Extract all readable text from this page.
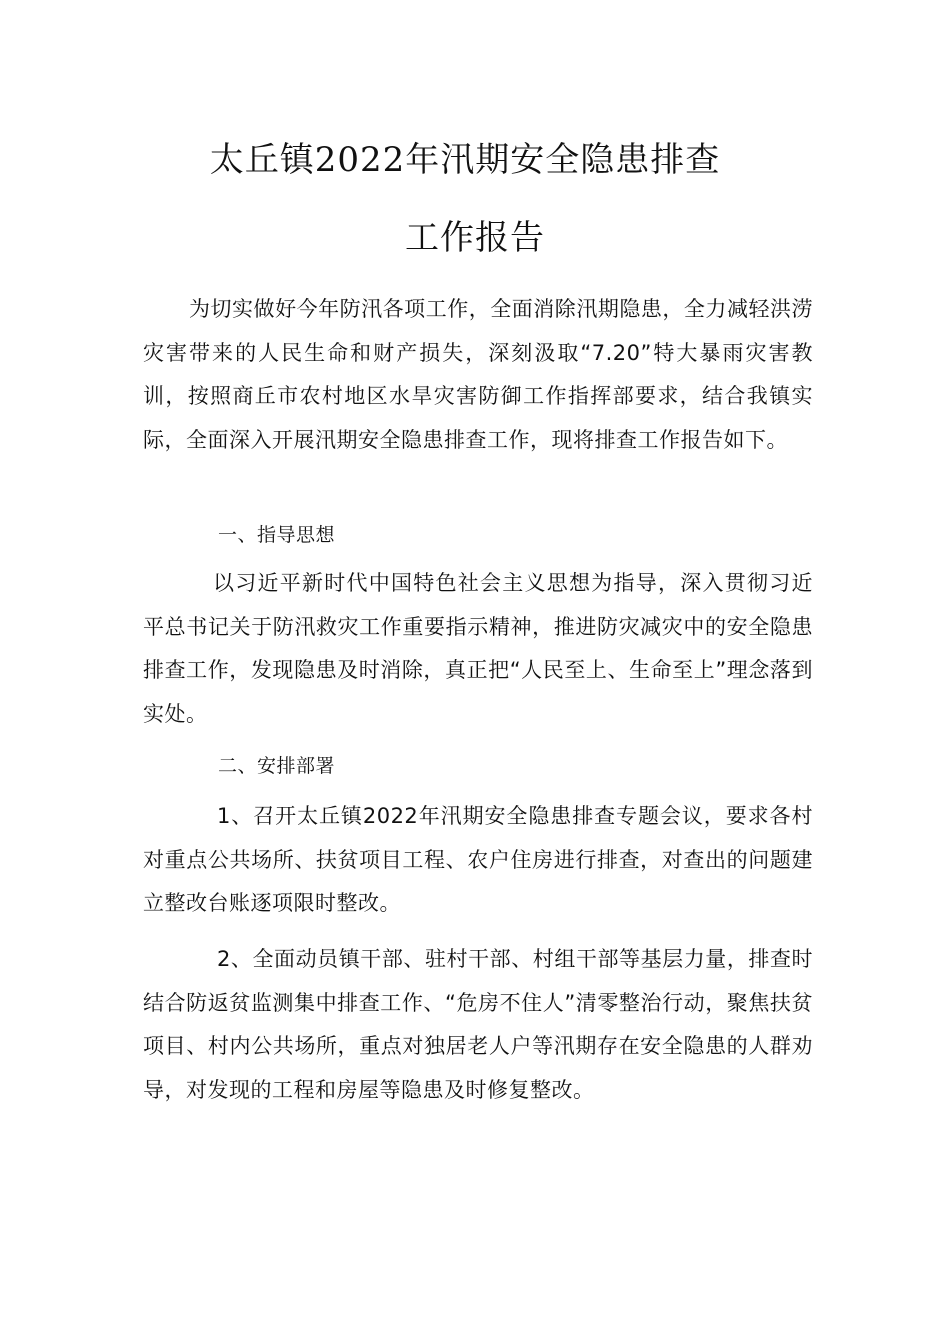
太丘镇2022年汛期安全隐患排查
工作报告

为切实做好今年防汛各项工作，全面消除汛期隐患，全力减轻洪涝灾害带来的人民生命和财产损失，深刻汲取“7.20”特大暴雨灾害教训，按照商丘市农村地区水旱灾害防御工作指挥部要求，结合我镇实际，全面深入开展汛期安全隐患排查工作，现将排查工作报告如下。

一、指导思想

以习近平新时代中国特色社会主义思想为指导，深入贯彻习近平总书记关于防汛救灾工作重要指示精神，推进防灾减灾中的安全隐患排查工作，发现隐患及时消除，真正把“人民至上、生命至上”理念落到实处。

二、安排部署

1、召开太丘镇2022年汛期安全隐患排查专题会议，要求各村对重点公共场所、扶贫项目工程、农户住房进行排查，对查出的问题建立整改台账逐项限时整改。

2、全面动员镇干部、驻村干部、村组干部等基层力量，排查时结合防返贫监测集中排查工作、“危房不住人”清零整治行动，聚焦扶贫项目、村内公共场所，重点对独居老人户等汛期存在安全隐患的人群劝导，对发现的工程和房屋等隐患及时修复整改。
